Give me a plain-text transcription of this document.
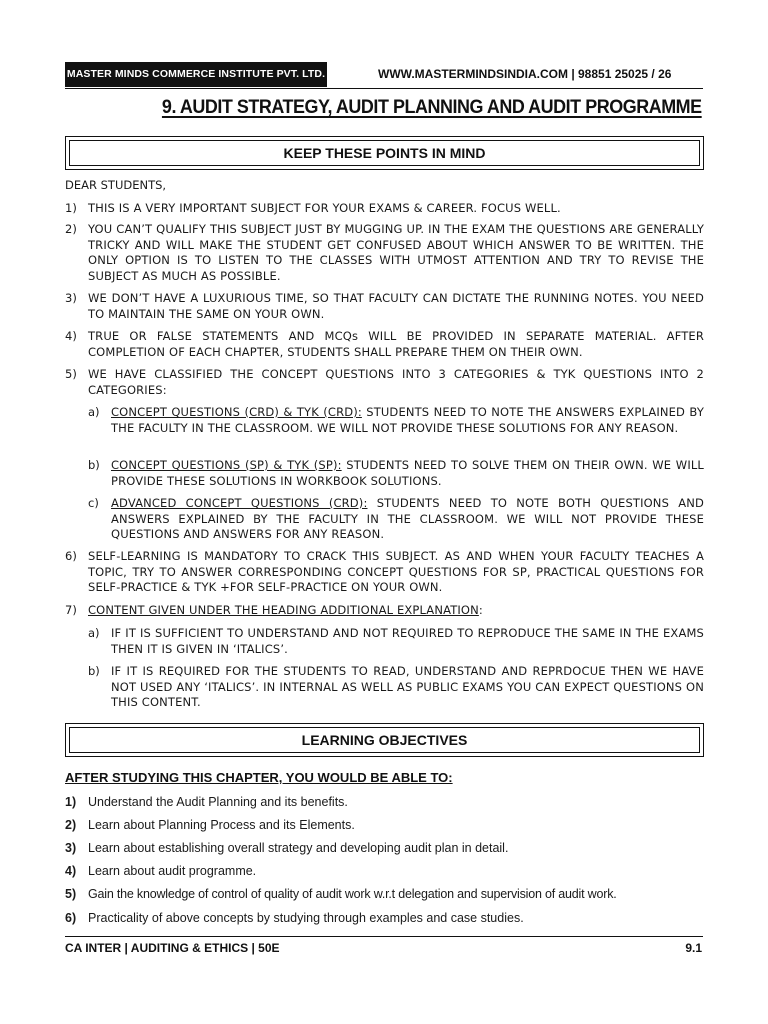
MASTER MINDS COMMERCE INSTITUTE PVT. LTD.	WWW.MASTERMINDSINDIA.COM | 98851 25025 / 26
9. AUDIT STRATEGY, AUDIT PLANNING AND AUDIT PROGRAMME
KEEP THESE POINTS IN MIND
DEAR STUDENTS,
1) THIS IS A VERY IMPORTANT SUBJECT FOR YOUR EXAMS & CAREER. FOCUS WELL.
2) YOU CAN’T QUALIFY THIS SUBJECT JUST BY MUGGING UP. IN THE EXAM THE QUESTIONS ARE GENERALLY TRICKY AND WILL MAKE THE STUDENT GET CONFUSED ABOUT WHICH ANSWER TO BE WRITTEN. THE ONLY OPTION IS TO LISTEN TO THE CLASSES WITH UTMOST ATTENTION AND TRY TO REVISE THE SUBJECT AS MUCH AS POSSIBLE.
3) WE DON’T HAVE A LUXURIOUS TIME, SO THAT FACULTY CAN DICTATE THE RUNNING NOTES. YOU NEED TO MAINTAIN THE SAME ON YOUR OWN.
4) TRUE OR FALSE STATEMENTS AND MCQs WILL BE PROVIDED IN SEPARATE MATERIAL. AFTER COMPLETION OF EACH CHAPTER, STUDENTS SHALL PREPARE THEM ON THEIR OWN.
5) WE HAVE CLASSIFIED THE CONCEPT QUESTIONS INTO 3 CATEGORIES & TYK QUESTIONS INTO 2 CATEGORIES:
a) CONCEPT QUESTIONS (CRD) & TYK (CRD): STUDENTS NEED TO NOTE THE ANSWERS EXPLAINED BY THE FACULTY IN THE CLASSROOM. WE WILL NOT PROVIDE THESE SOLUTIONS FOR ANY REASON.
b) CONCEPT QUESTIONS (SP) & TYK (SP): STUDENTS NEED TO SOLVE THEM ON THEIR OWN. WE WILL PROVIDE THESE SOLUTIONS IN WORKBOOK SOLUTIONS.
c) ADVANCED CONCEPT QUESTIONS (CRD): STUDENTS NEED TO NOTE BOTH QUESTIONS AND ANSWERS EXPLAINED BY THE FACULTY IN THE CLASSROOM. WE WILL NOT PROVIDE THESE QUESTIONS AND ANSWERS FOR ANY REASON.
6) SELF-LEARNING IS MANDATORY TO CRACK THIS SUBJECT. AS AND WHEN YOUR FACULTY TEACHES A TOPIC, TRY TO ANSWER CORRESPONDING CONCEPT QUESTIONS FOR SP, PRACTICAL QUESTIONS FOR SELF-PRACTICE & TYK +FOR SELF-PRACTICE ON YOUR OWN.
7) CONTENT GIVEN UNDER THE HEADING ADDITIONAL EXPLANATION:
a) IF IT IS SUFFICIENT TO UNDERSTAND AND NOT REQUIRED TO REPRODUCE THE SAME IN THE EXAMS THEN IT IS GIVEN IN ‘ITALICS’.
b) IF IT IS REQUIRED FOR THE STUDENTS TO READ, UNDERSTAND AND REPRDOCUE THEN WE HAVE NOT USED ANY ‘ITALICS’. IN INTERNAL AS WELL AS PUBLIC EXAMS YOU CAN EXPECT QUESTIONS ON THIS CONTENT.
LEARNING OBJECTIVES
AFTER STUDYING THIS CHAPTER, YOU WOULD BE ABLE TO:
1) Understand the Audit Planning and its benefits.
2) Learn about Planning Process and its Elements.
3) Learn about establishing overall strategy and developing audit plan in detail.
4) Learn about audit programme.
5) Gain the knowledge of control of quality of audit work w.r.t delegation and supervision of audit work.
6) Practicality of above concepts by studying through examples and case studies.
CA INTER | AUDITING & ETHICS | 50E	9.1
